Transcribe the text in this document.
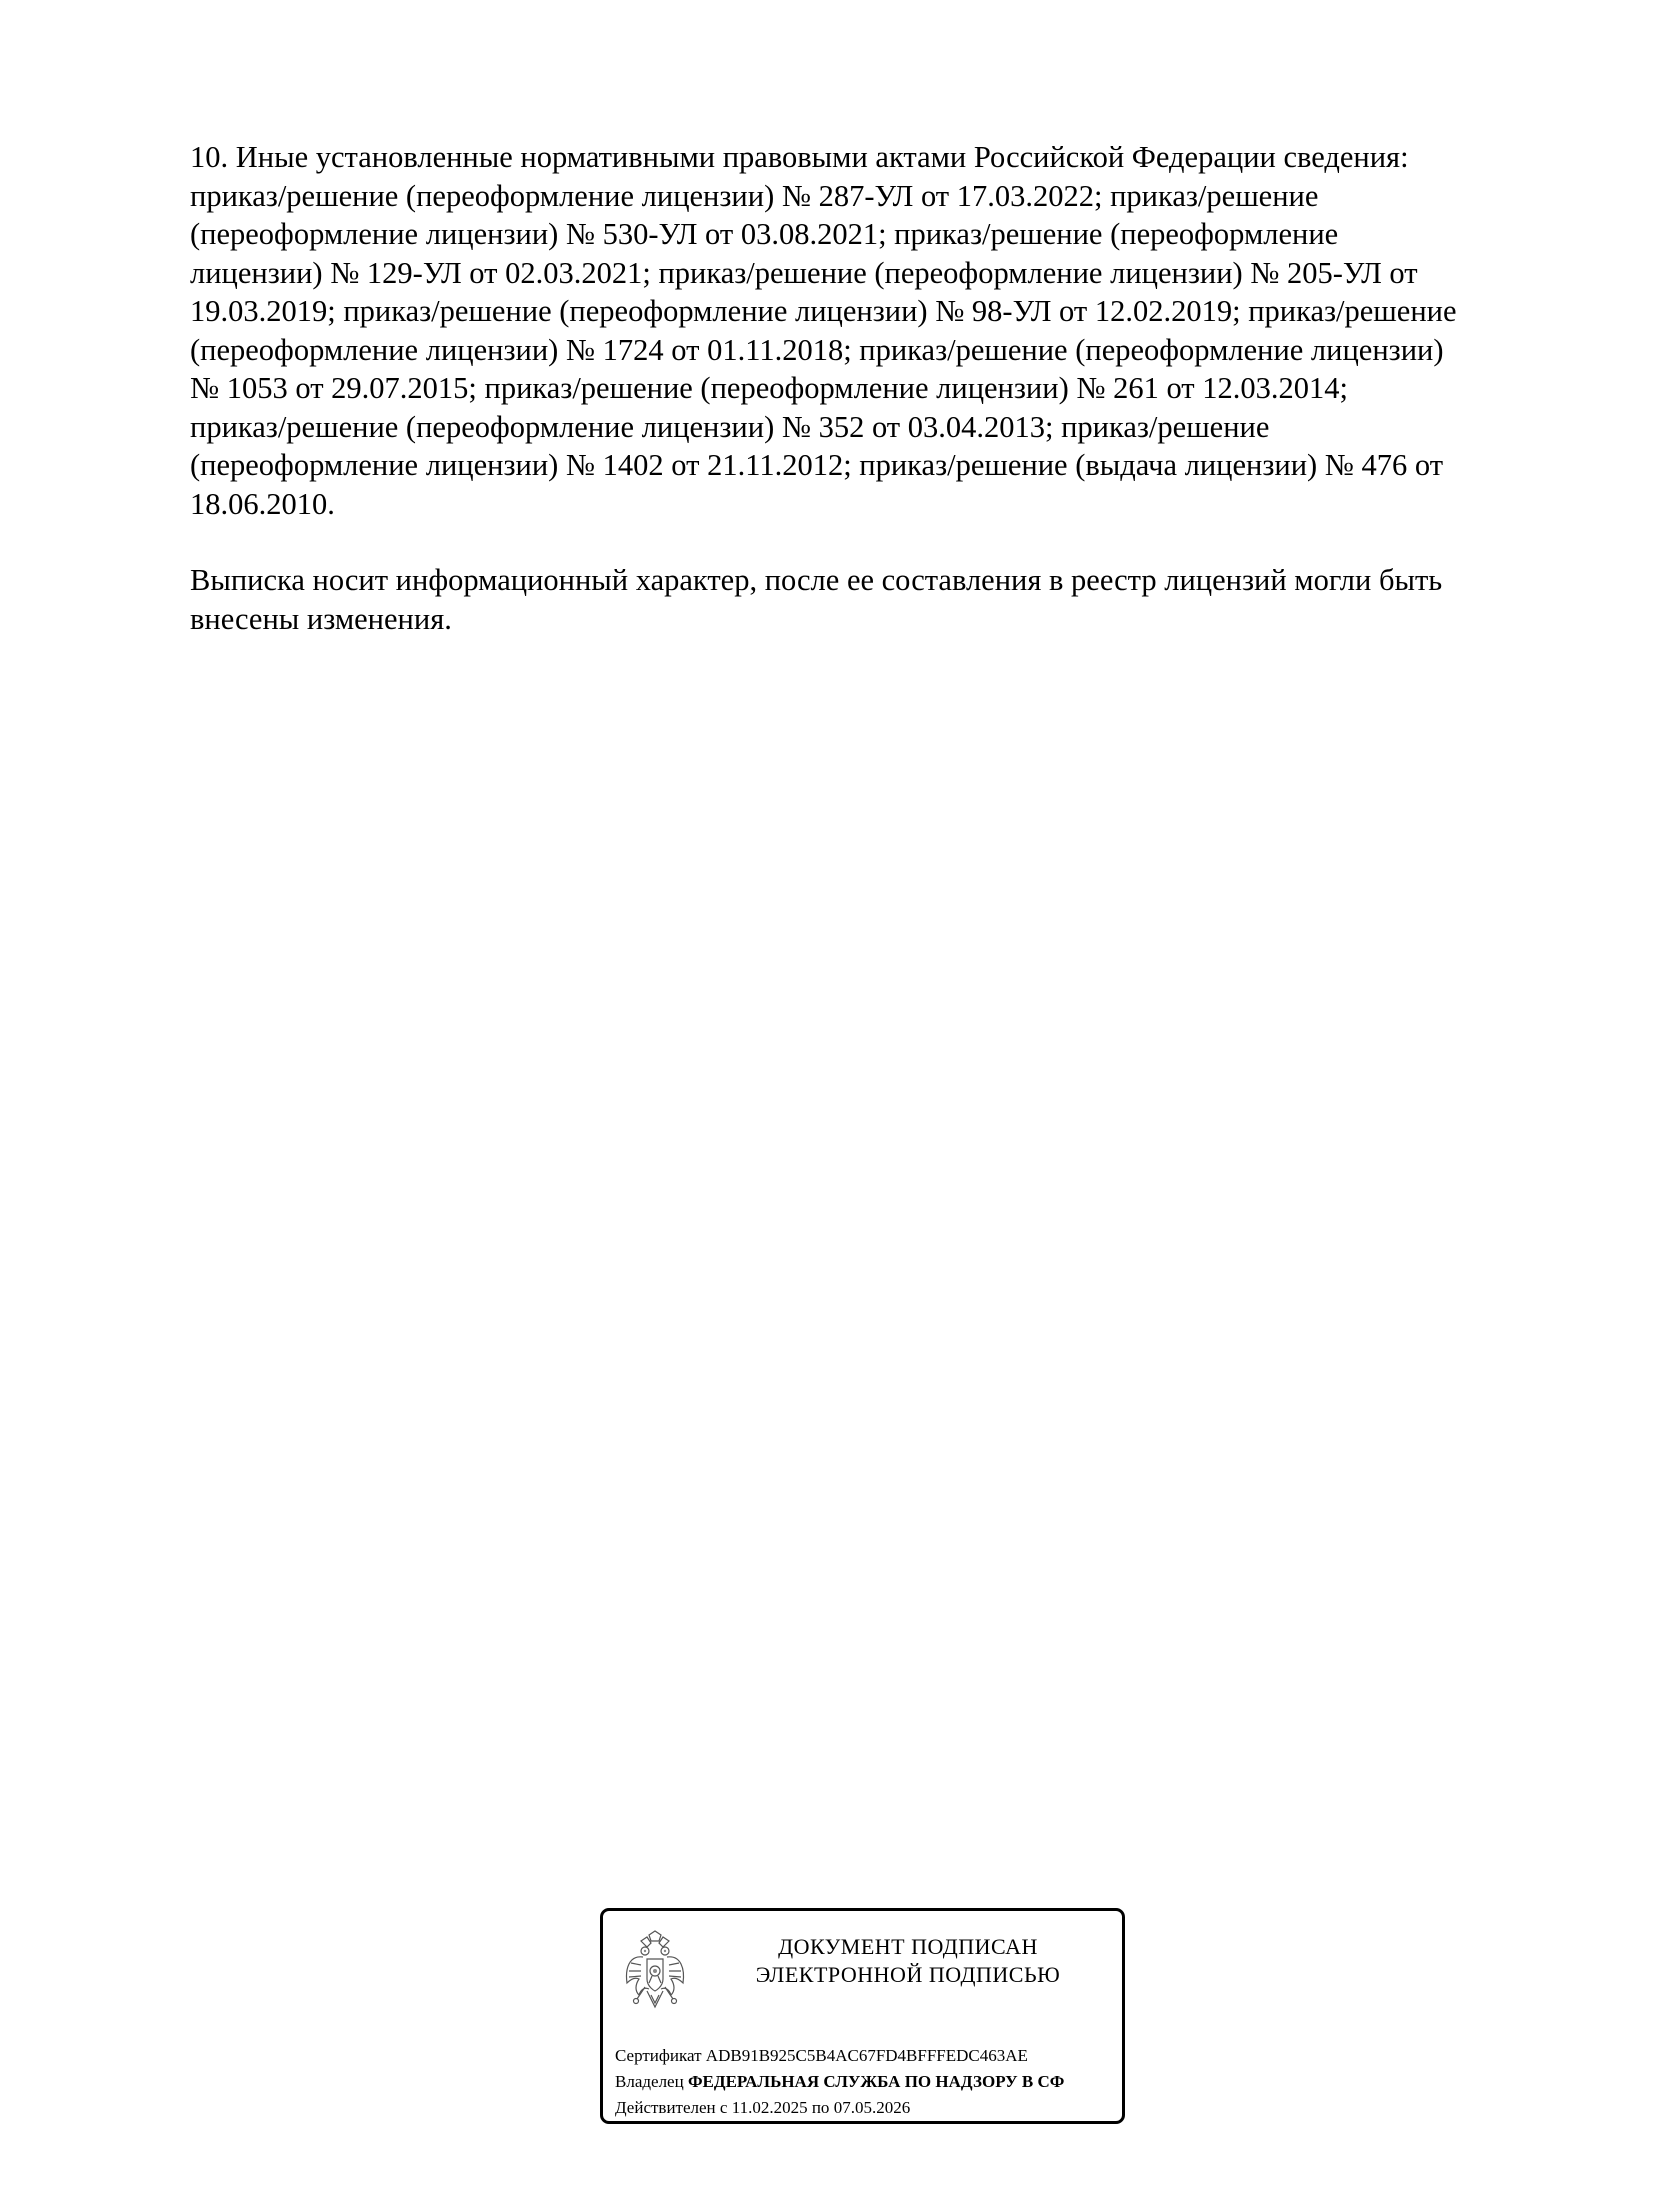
10. Иные установленные нормативными правовыми актами Российской Федерации сведения:
приказ/решение (переоформление лицензии) № 287-УЛ от 17.03.2022; приказ/решение
(переоформление лицензии) № 530-УЛ от 03.08.2021; приказ/решение (переоформление
лицензии) № 129-УЛ от 02.03.2021; приказ/решение (переоформление лицензии) № 205-УЛ от
19.03.2019; приказ/решение (переоформление лицензии) № 98-УЛ от 12.02.2019; приказ/решение
(переоформление лицензии) № 1724 от 01.11.2018; приказ/решение (переоформление лицензии)
№ 1053 от 29.07.2015; приказ/решение (переоформление лицензии) № 261 от 12.03.2014;
приказ/решение (переоформление лицензии) № 352 от 03.04.2013; приказ/решение
(переоформление лицензии) № 1402 от 21.11.2012; приказ/решение (выдача лицензии) № 476 от
18.06.2010.

Выписка носит информационный характер, после ее составления в реестр лицензий могли быть
внесены изменения.

ДОКУМЕНТ ПОДПИСАН
ЭЛЕКТРОННОЙ ПОДПИСЬЮ
Сертификат ADB91B925C5B4AC67FD4BFFFEDC463AE
Владелец ФЕДЕРАЛЬНАЯ СЛУЖБА ПО НАДЗОРУ В СФ
Действителен с 11.02.2025 по 07.05.2026
